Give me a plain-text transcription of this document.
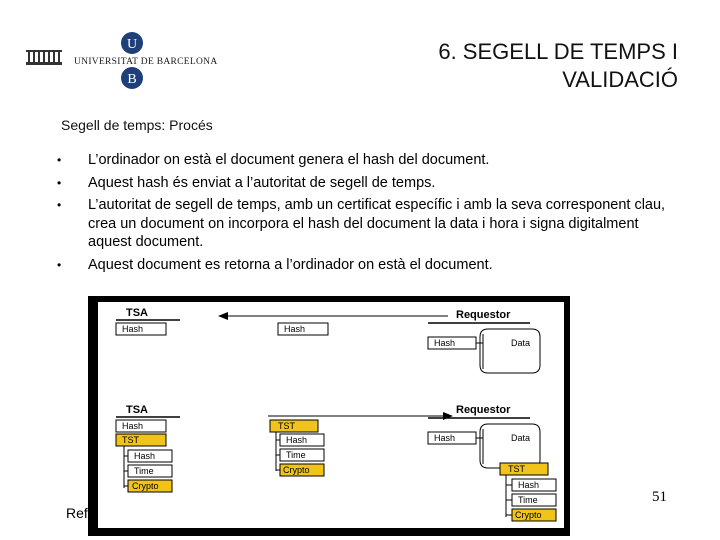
U
B
UNIVERSITAT DE BARCELONA	6. SEGELL DE TEMPS I
VALIDACIÓ
Segell de temps: Procés
• L’ordinador on està el document genera el hash del document.
• Aquest hash és enviat a l’autoritat de segell de temps.
• L’autoritat de segell de temps, amb un certificat específic i amb la seva corresponent clau, crea un document on incorpora el hash del document la data i hora i signa digitalment aquest document.
• Aquest document es retorna a l’ordinador on està el document.
Ref
TSA
Hash	Hash
Requestor
Data
Hash
TSA
Hash
TST
Hash
Time
Crypto
TST
Hash
Time
Crypto
Requestor
Data
Hash
TST
Hash
Time
Crypto
51
